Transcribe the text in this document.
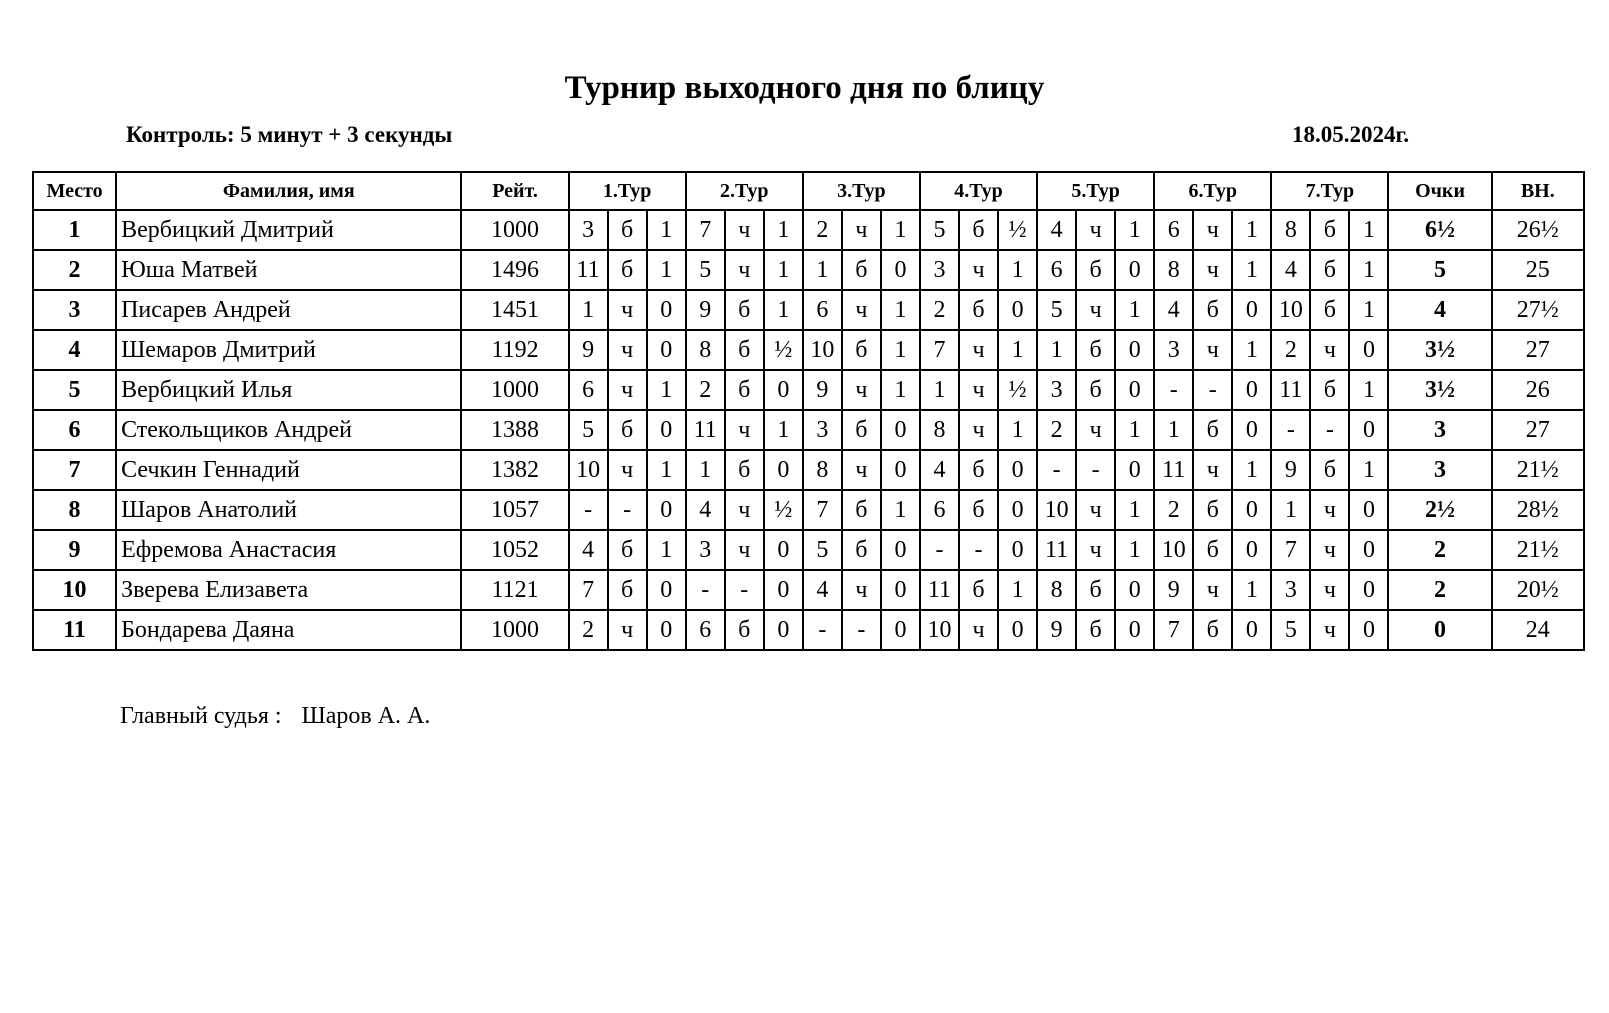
Турнир выходного дня по блицу
Контроль: 5 минут + 3 секунды	18.05.2024г.
Место	Фамилия, имя	Рейт.	1.Тур			2.Тур			3.Тур			4.Тур			5.Тур			6.Тур			7.Тур			Очки	ВН.
1	Вербицкий Дмитрий	1000	3	б	1	7	ч	1	2	ч	1	5	б	½	4	ч	1	6	ч	1	8	б	1	6½	26½
2	Юша Матвей	1496	11	б	1	5	ч	1	1	б	0	3	ч	1	6	б	0	8	ч	1	4	б	1	5	25
3	Писарев Андрей	1451	1	ч	0	9	б	1	6	ч	1	2	б	0	5	ч	1	4	б	0	10	б	1	4	27½
4	Шемаров Дмитрий	1192	9	ч	0	8	б	½	10	б	1	7	ч	1	1	б	0	3	ч	1	2	ч	0	3½	27
5	Вербицкий Илья	1000	6	ч	1	2	б	0	9	ч	1	1	ч	½	3	б	0	-	-	0	11	б	1	3½	26
6	Стекольщиков Андрей	1388	5	б	0	11	ч	1	3	б	0	8	ч	1	2	ч	1	1	б	0	-	-	0	3	27
7	Сечкин Геннадий	1382	10	ч	1	1	б	0	8	ч	0	4	б	0	-	-	0	11	ч	1	9	б	1	3	21½
8	Шаров Анатолий	1057	-	-	0	4	ч	½	7	б	1	6	б	0	10	ч	1	2	б	0	1	ч	0	2½	28½
9	Ефремова Анастасия	1052	4	б	1	3	ч	0	5	б	0	-	-	0	11	ч	1	10	б	0	7	ч	0	2	21½
10	Зверева Елизавета	1121	7	б	0	-	-	0	4	ч	0	11	б	1	8	б	0	9	ч	1	3	ч	0	2	20½
11	Бондарева Даяна	1000	2	ч	0	6	б	0	-	-	0	10	ч	0	9	б	0	7	б	0	5	ч	0	0	24
Главный судья : Шаров А. А.
